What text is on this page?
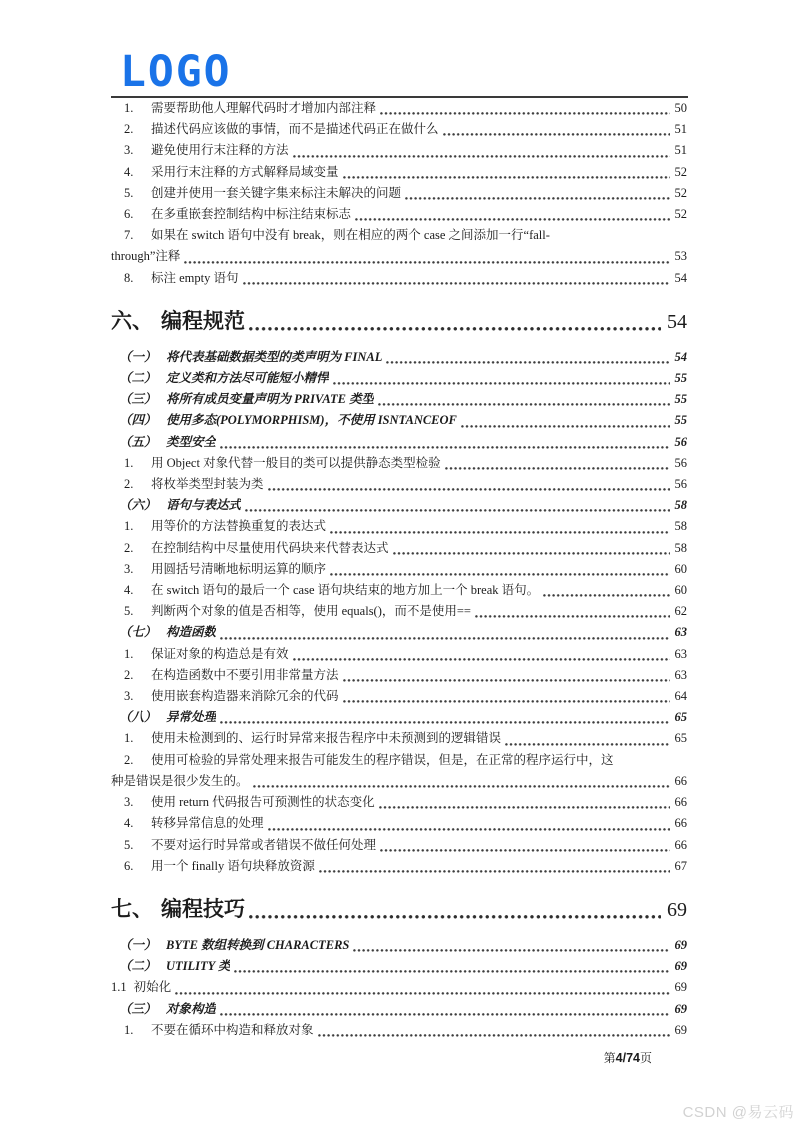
LOGO
1.	需要帮助他人理解代码时才增加内部注释	50
2.	描述代码应该做的事情，而不是描述代码正在做什么	51
3.	避免使用行末注释的方法	51
4.	采用行末注释的方式解释局域变量	52
5.	创建并使用一套关键字集来标注未解决的问题	52
6.	在多重嵌套控制结构中标注结束标志	52
7.	如果在 switch 语句中没有 break，则在相应的两个 case 之间添加一行“fall-
through”注释	53
8.	标注 empty 语句	54
六、 编程规范	54
（一） 将代表基础数据类型的类声明为 FINAL	54
（二） 定义类和方法尽可能短小精悍	55
（三） 将所有成员变量声明为 PRIVATE 类型	55
（四） 使用多态(POLYMORPHISM)，不使用 ISNTANCEOF	55
（五） 类型安全	56
1.	用 Object 对象代替一般目的类可以提供静态类型检验	56
2.	将枚举类型封装为类	56
（六） 语句与表达式	58
1.	用等价的方法替换重复的表达式	58
2.	在控制结构中尽量使用代码块来代替表达式	58
3.	用圆括号清晰地标明运算的顺序	60
4.	在 switch 语句的最后一个 case 语句块结束的地方加上一个 break 语句。	60
5.	判断两个对象的值是否相等，使用 equals()，而不是使用==	62
（七） 构造函数	63
1.	保证对象的构造总是有效	63
2.	在构造函数中不要引用非常量方法	63
3.	使用嵌套构造器来消除冗余的代码	64
（八） 异常处理	65
1.	使用未检测到的、运行时异常来报告程序中未预测到的逻辑错误	65
2.	使用可检验的异常处理来报告可能发生的程序错误，但是，在正常的程序运行中，这
种是错误是很少发生的。	66
3.	使用 return 代码报告可预测性的状态变化	66
4.	转移异常信息的处理	66
5.	不要对运行时异常或者错误不做任何处理	66
6.	用一个 finally 语句块释放资源	67
七、 编程技巧	69
（一） BYTE 数组转换到 CHARACTERS	69
（二） UTILITY 类	69
1.1 初始化	69
（三） 对象构造	69
1.	不要在循环中构造和释放对象	69
第4/74页
CSDN @易云码
